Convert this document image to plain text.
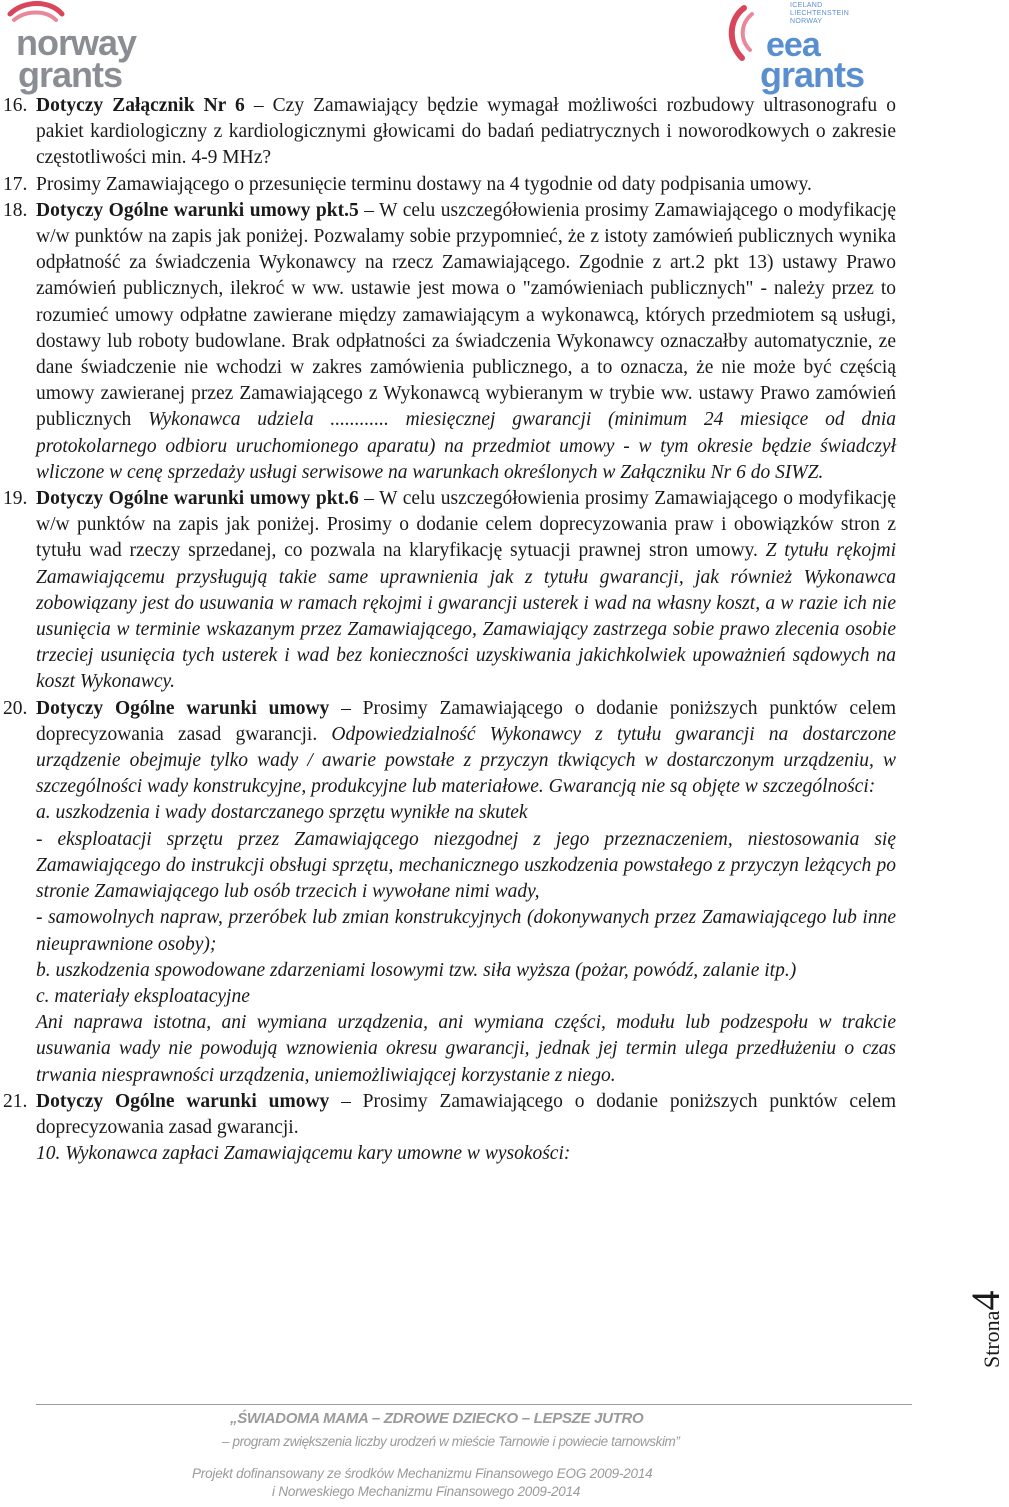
norway
grants
ICELAND
LIECHTENSTEIN
NORWAY
eea
grants
16. Dotyczy Załącznik Nr 6 – Czy Zamawiający będzie wymagał możliwości rozbudowy ultrasonografu o pakiet kardiologiczny z kardiologicznymi głowicami do badań pediatrycznych i noworodkowych o zakresie częstotliwości min. 4-9 MHz?

17. Prosimy Zamawiającego o przesunięcie terminu dostawy na 4 tygodnie od daty podpisania umowy.

18. Dotyczy Ogólne warunki umowy pkt.5 – W celu uszczegółowienia prosimy Zamawiającego o modyfikację w/w punktów na zapis jak poniżej. Pozwalamy sobie przypomnieć, że z istoty zamówień publicznych wynika odpłatność za świadczenia Wykonawcy na rzecz Zamawiającego. Zgodnie z art.2 pkt 13) ustawy Prawo zamówień publicznych, ilekroć w ww. ustawie jest mowa o "zamówieniach publicznych" - należy przez to rozumieć umowy odpłatne zawierane między zamawiającym a wykonawcą, których przedmiotem są usługi, dostawy lub roboty budowlane. Brak odpłatności za świadczenia Wykonawcy oznaczałby automatycznie, ze dane świadczenie nie wchodzi w zakres zamówienia publicznego, a to oznacza, że nie może być częścią umowy zawieranej przez Zamawiającego z Wykonawcą wybieranym w trybie ww. ustawy Prawo zamówień publicznych Wykonawca udziela ............ miesięcznej gwarancji (minimum 24 miesiące od dnia protokolarnego odbioru uruchomionego aparatu) na przedmiot umowy - w tym okresie będzie świadczył wliczone w cenę sprzedaży usługi serwisowe na warunkach określonych w Załączniku Nr 6 do SIWZ.

19. Dotyczy Ogólne warunki umowy pkt.6 – W celu uszczegółowienia prosimy Zamawiającego o modyfikację w/w punktów na zapis jak poniżej. Prosimy o dodanie celem doprecyzowania praw i obowiązków stron z tytułu wad rzeczy sprzedanej, co pozwala na klaryfikację sytuacji prawnej stron umowy. Z tytułu rękojmi Zamawiającemu przysługują takie same uprawnienia jak z tytułu gwarancji, jak również Wykonawca zobowiązany jest do usuwania w ramach rękojmi i gwarancji usterek i wad na własny koszt, a w razie ich nie usunięcia w terminie wskazanym przez Zamawiającego, Zamawiający zastrzega sobie prawo zlecenia osobie trzeciej usunięcia tych usterek i wad bez konieczności uzyskiwania jakichkolwiek upoważnień sądowych na koszt Wykonawcy.

20. Dotyczy Ogólne warunki umowy – Prosimy Zamawiającego o dodanie poniższych punktów celem doprecyzowania zasad gwarancji. Odpowiedzialność Wykonawcy z tytułu gwarancji na dostarczone urządzenie obejmuje tylko wady / awarie powstałe z przyczyn tkwiących w dostarczonym urządzeniu, w szczególności wady konstrukcyjne, produkcyjne lub materiałowe. Gwarancją nie są objęte w szczególności:

a. uszkodzenia i wady dostarczanego sprzętu wynikłe na skutek

- eksploatacji sprzętu przez Zamawiającego niezgodnej z jego przeznaczeniem, niestosowania się Zamawiającego do instrukcji obsługi sprzętu, mechanicznego uszkodzenia powstałego z przyczyn leżących po stronie Zamawiającego lub osób trzecich i wywołane nimi wady,

- samowolnych napraw, przeróbek lub zmian konstrukcyjnych (dokonywanych przez Zamawiającego lub inne nieuprawnione osoby);

b. uszkodzenia spowodowane zdarzeniami losowymi tzw. siła wyższa (pożar, powódź, zalanie itp.)

c. materiały eksploatacyjne

Ani naprawa istotna, ani wymiana urządzenia, ani wymiana części, modułu lub podzespołu w trakcie usuwania wady nie powodują wznowienia okresu gwarancji, jednak jej termin ulega przedłużeniu o czas trwania niesprawności urządzenia, uniemożliwiającej korzystanie z niego.

21. Dotyczy Ogólne warunki umowy – Prosimy Zamawiającego o dodanie poniższych punktów celem doprecyzowania zasad gwarancji.

10. Wykonawca zapłaci Zamawiającemu kary umowne w wysokości:

Strona4
„ŚWIADOMA MAMA – ZDROWE DZIECKO – LEPSZE JUTRO
– program zwiększenia liczby urodzeń w mieście Tarnowie i powiecie tarnowskim”
Projekt dofinansowany ze środków Mechanizmu Finansowego EOG 2009-2014
i Norweskiego Mechanizmu Finansowego 2009-2014
